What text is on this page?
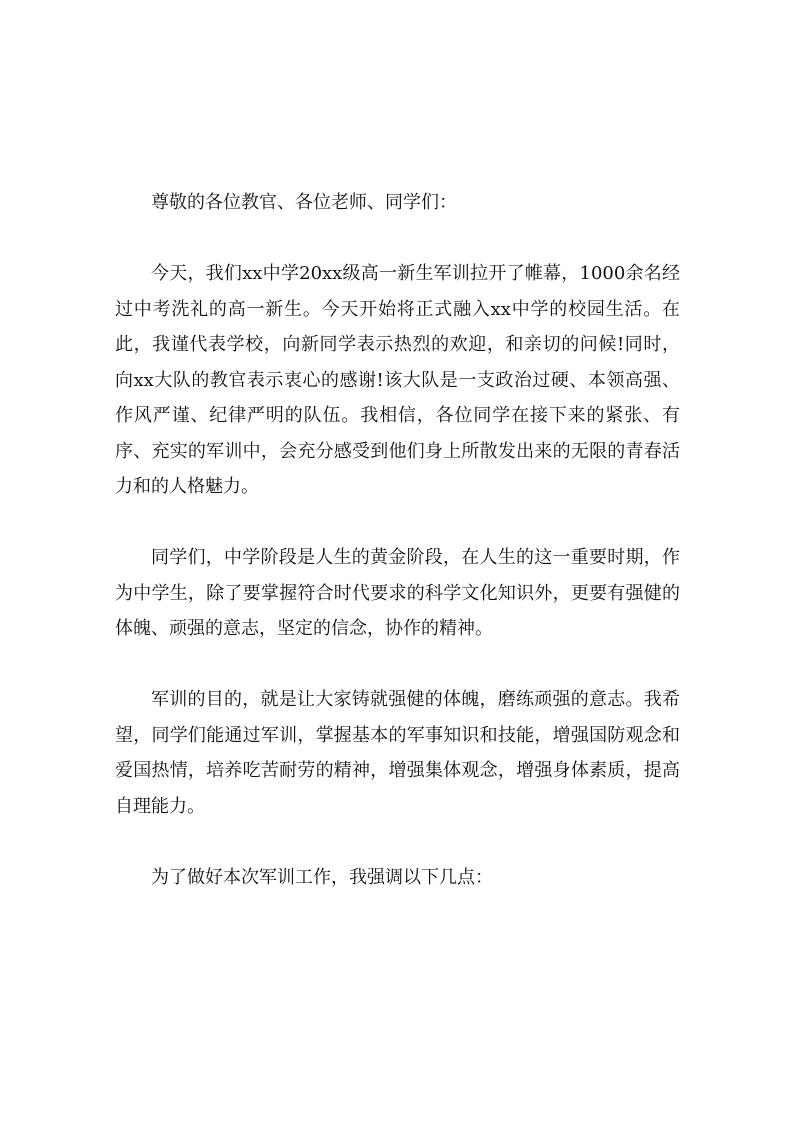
尊敬的各位教官、各位老师、同学们：

今天，我们xx中学20xx级高一新生军训拉开了帷幕，1000余名经过中考洗礼的高一新生。今天开始将正式融入xx中学的校园生活。在此，我谨代表学校，向新同学表示热烈的欢迎，和亲切的问候!同时，向xx大队的教官表示衷心的感谢!该大队是一支政治过硬、本领高强、作风严谨、纪律严明的队伍。我相信，各位同学在接下来的紧张、有序、充实的军训中，会充分感受到他们身上所散发出来的无限的青春活力和的人格魅力。

同学们，中学阶段是人生的黄金阶段，在人生的这一重要时期，作为中学生，除了要掌握符合时代要求的科学文化知识外，更要有强健的体魄、顽强的意志，坚定的信念，协作的精神。

军训的目的，就是让大家铸就强健的体魄，磨练顽强的意志。我希望，同学们能通过军训，掌握基本的军事知识和技能，增强国防观念和爱国热情，培养吃苦耐劳的精神，增强集体观念，增强身体素质，提高自理能力。

为了做好本次军训工作，我强调以下几点：
